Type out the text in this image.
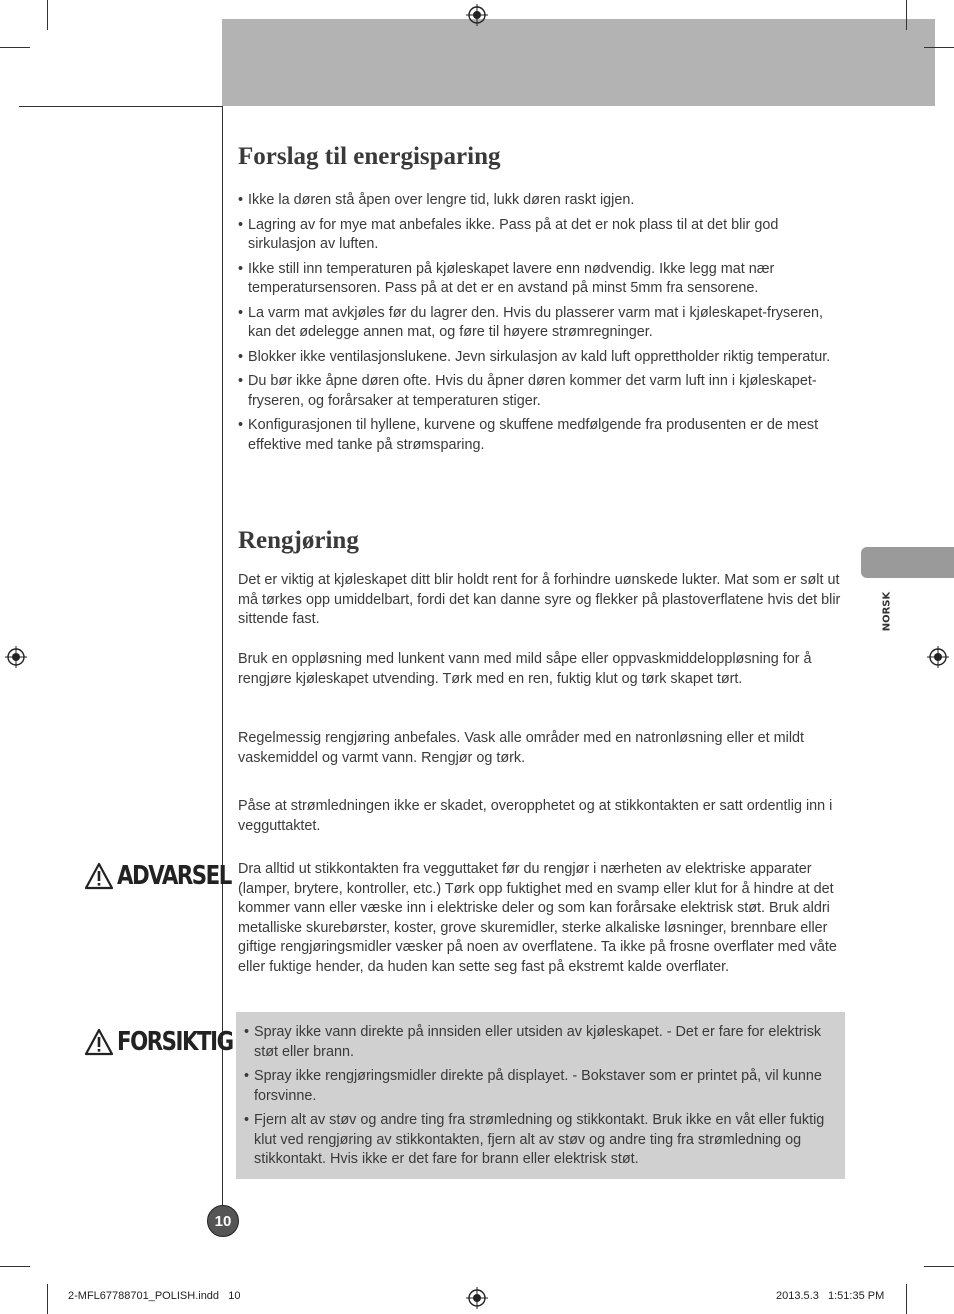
Forslag til energisparing
• Ikke la døren stå åpen over lengre tid, lukk døren raskt igjen.
• Lagring av for mye mat anbefales ikke. Pass på at det er nok plass til at det blir god sirkulasjon av luften.
• Ikke still inn temperaturen på kjøleskapet lavere enn nødvendig. Ikke legg mat nær temperatursensoren. Pass på at det er en avstand på minst 5mm fra sensorene.
• La varm mat avkjøles før du lagrer den. Hvis du plasserer varm mat i kjøleskapet-fryseren, kan det ødelegge annen mat, og føre til høyere strømregninger.
• Blokker ikke ventilasjonslukene. Jevn sirkulasjon av kald luft opprettholder riktig temperatur.
• Du bør ikke åpne døren ofte. Hvis du åpner døren kommer det varm luft inn i kjøleskapet-fryseren, og forårsaker at temperaturen stiger.
• Konfigurasjonen til hyllene, kurvene og skuffene medfølgende fra produsenten er de mest effektive med tanke på strømsparing.
Rengjøring

Det er viktig at kjøleskapet ditt blir holdt rent for å forhindre uønskede lukter. Mat som er sølt ut må tørkes opp umiddelbart, fordi det kan danne syre og flekker på plastoverflatene hvis det blir sittende fast.

Bruk en oppløsning med lunkent vann med mild såpe eller oppvaskmiddeloppløsning for å rengjøre kjøleskapet utvending. Tørk med en ren, fuktig klut og tørk skapet tørt.

Regelmessig rengjøring anbefales. Vask alle områder med en natronløsning eller et mildt vaskemiddel og varmt vann. Rengjør og tørk.

Påse at strømledningen ikke er skadet, overopphetet og at stikkontakten er satt ordentlig inn i vegguttaktet.

ADVARSEL Dra alltid ut stikkontakten fra vegguttaket før du rengjør i nærheten av elektriske apparater (lamper, brytere, kontroller, etc.) Tørk opp fuktighet med en svamp eller klut for å hindre at det kommer vann eller væske inn i elektriske deler og som kan forårsake elektrisk støt. Bruk aldri metalliske skurebørster, koster, grove skuremidler, sterke alkaliske løsninger, brennbare eller giftige rengjøringsmidler væsker på noen av overflatene. Ta ikke på frosne overflater med våte eller fuktige hender, da huden kan sette seg fast på ekstremt kalde overflater.

FORSIKTIG
•	Spray ikke vann direkte på innsiden eller utsiden av kjøleskapet. - Det er fare for elektrisk støt eller brann.
• Spray ikke rengjøringsmidler direkte på displayet. - Bokstaver som er printet på, vil kunne forsvinne.
• Fjern alt av støv og andre ting fra strømledning og stikkontakt. Bruk ikke en våt eller fuktig klut ved rengjøring av stikkontakten, fjern alt av støv og andre ting fra strømledning og stikkontakt. Hvis ikke er det fare for brann eller elektrisk støt.
NORSK
10
2-MFL67788701_POLISH.indd   10	2013.5.3   1:51:35 PM
